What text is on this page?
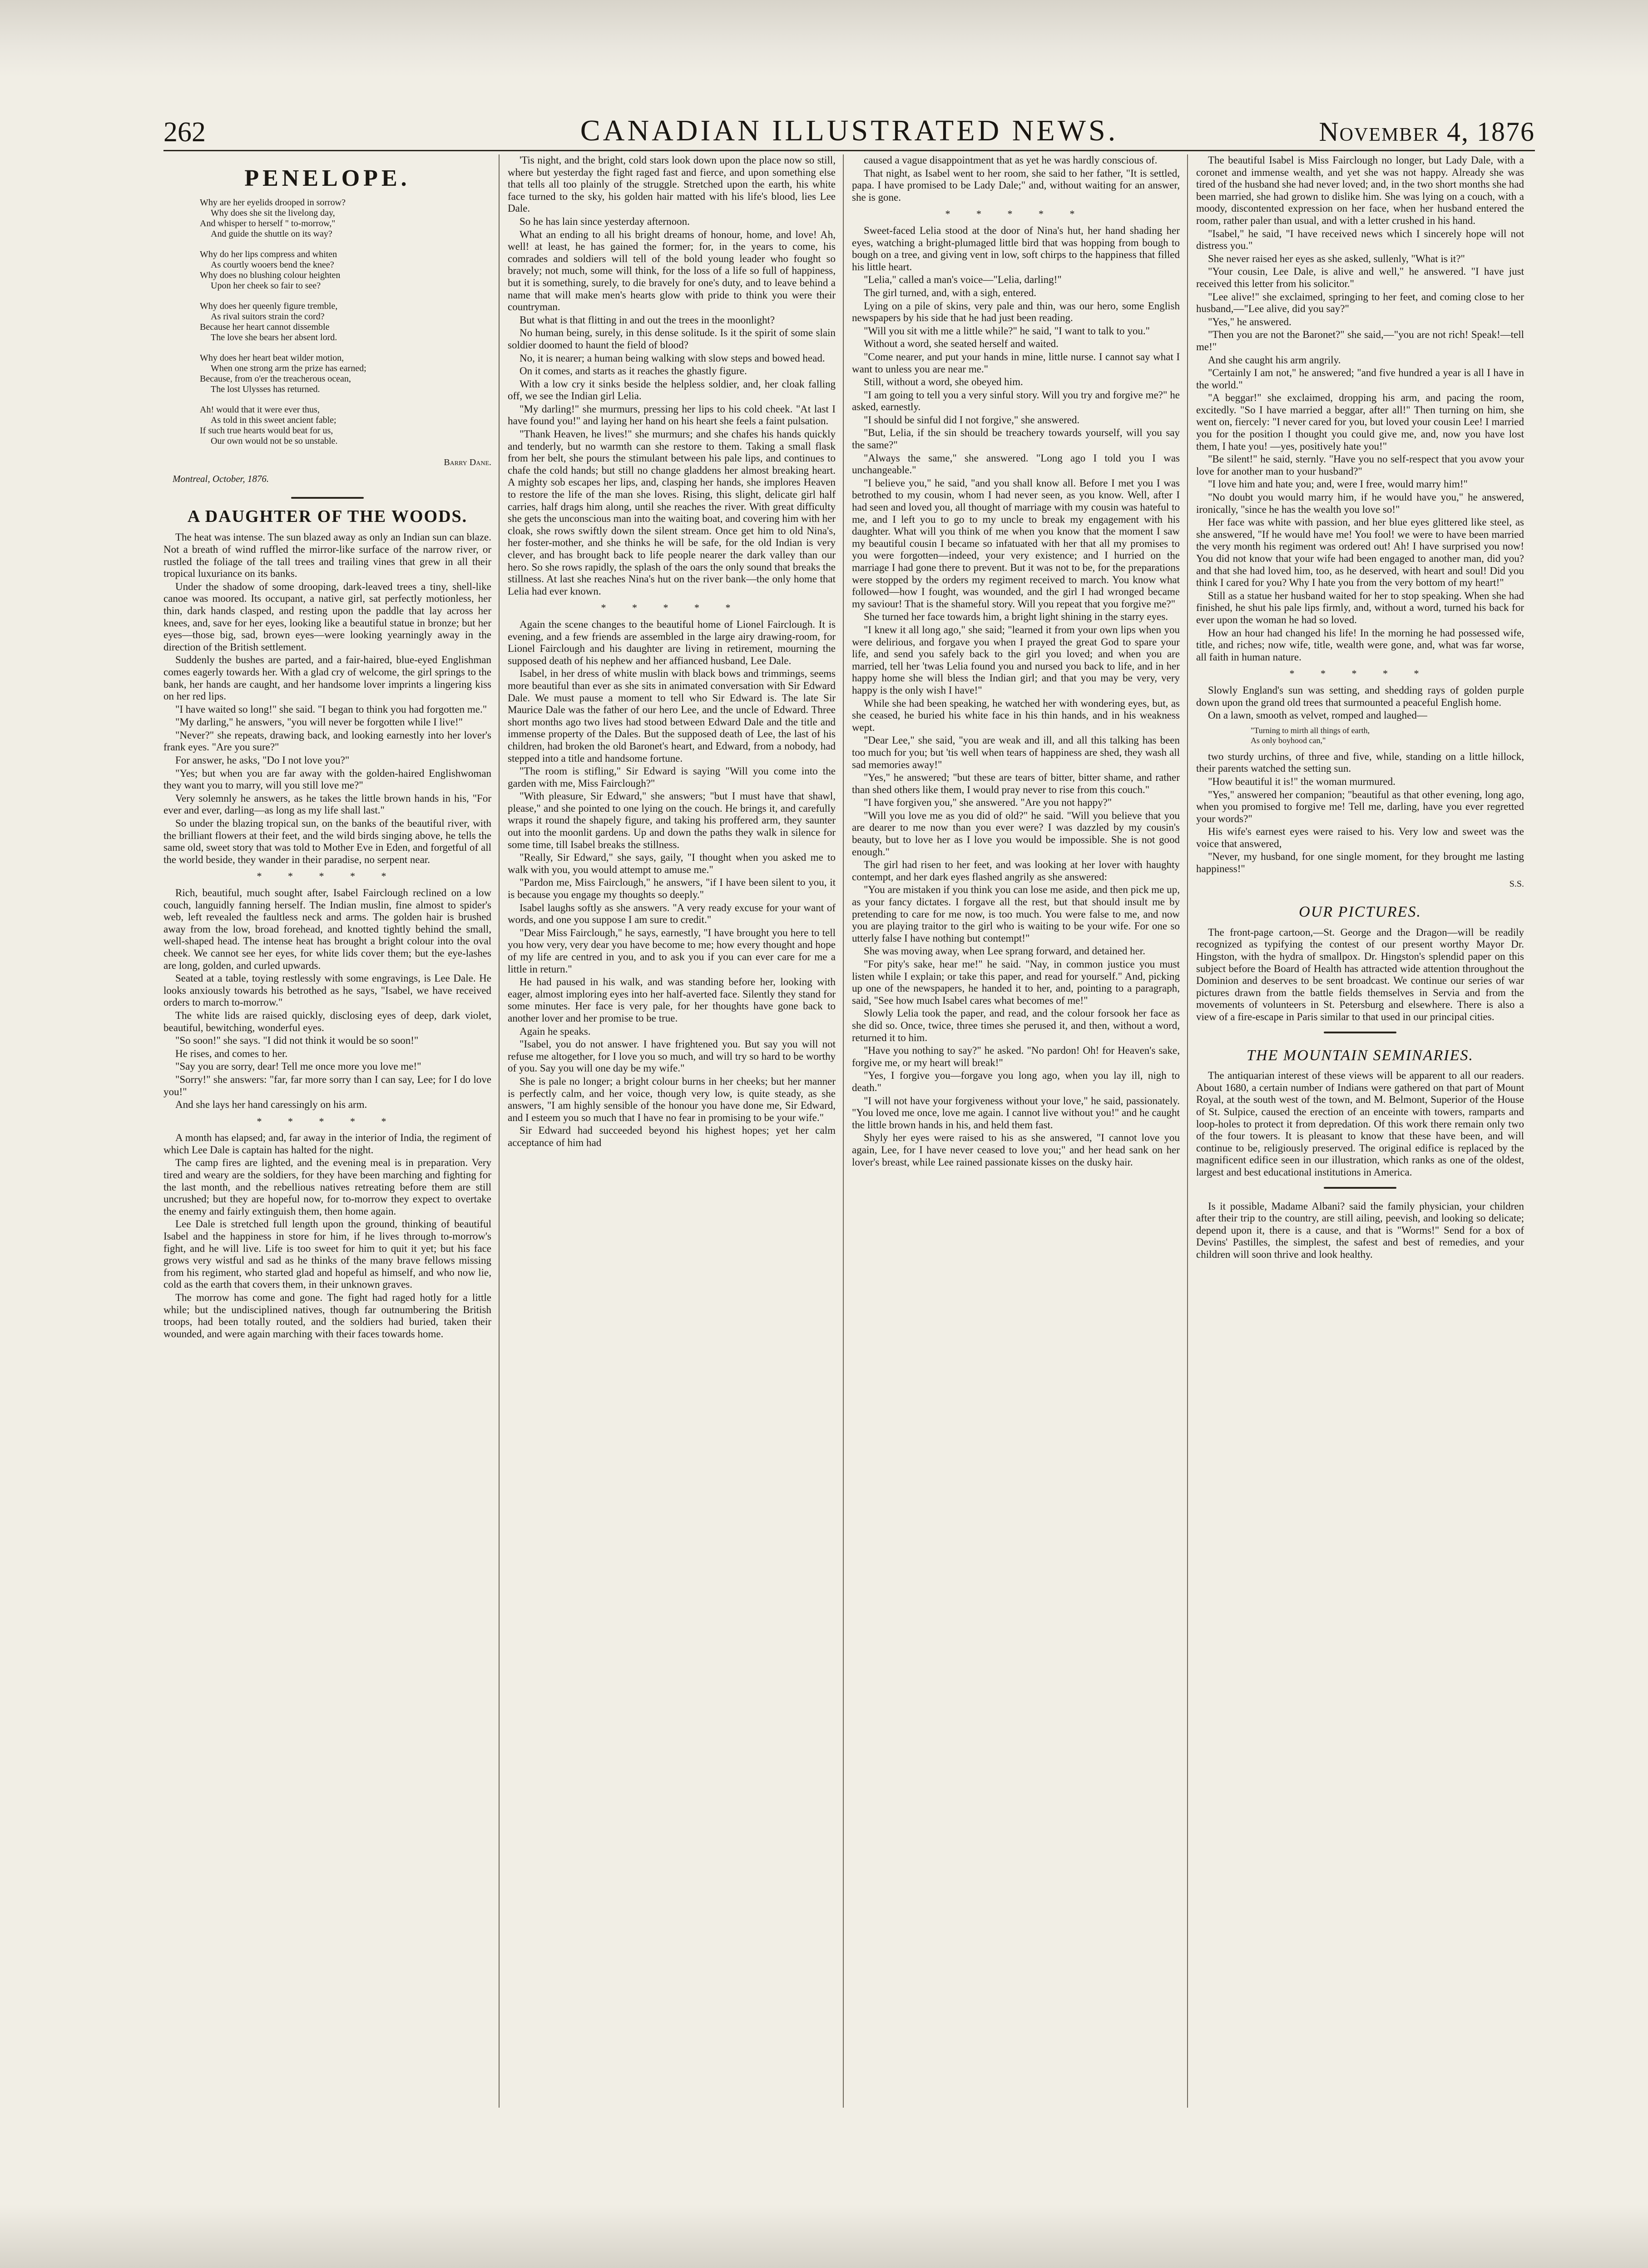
262	CANADIAN ILLUSTRATED NEWS.	November 4, 1876
PENELOPE.
Why are her eyelids drooped in sorrow?
Why does she sit the livelong day,
And whisper to herself " to-morrow,"
And guide the shuttle on its way?
Why do her lips compress and whiten
As courtly wooers bend the knee?
Why does no blushing colour heighten
Upon her cheek so fair to see?
Why does her queenly figure tremble,
As rival suitors strain the cord?
Because her heart cannot dissemble
The love she bears her absent lord.
Why does her heart beat wilder motion,
When one strong arm the prize has earned;
Because, from o'er the treacherous ocean,
The lost Ulysses has returned.
Ah! would that it were ever thus,
As told in this sweet ancient fable;
If such true hearts would beat for us,
Our own would not be so unstable.
Barry Dane.
Montreal, October, 1876.
A DAUGHTER OF THE WOODS.

The heat was intense. The sun blazed away as only an Indian sun can blaze. Not a breath of wind ruffled the mirror-like surface of the narrow river, or rustled the foliage of the tall trees and trailing vines that grew in all their tropical luxuriance on its banks.

Under the shadow of some drooping, dark-leaved trees a tiny, shell-like canoe was moored. Its occupant, a native girl, sat perfectly motionless, her thin, dark hands clasped, and resting upon the paddle that lay across her knees, and, save for her eyes, looking like a beautiful statue in bronze; but her eyes—those big, sad, brown eyes—were looking yearningly away in the direction of the British settlement.

Suddenly the bushes are parted, and a fair-haired, blue-eyed Englishman comes eagerly towards her. With a glad cry of welcome, the girl springs to the bank, her hands are caught, and her handsome lover imprints a lingering kiss on her red lips.

"I have waited so long!" she said. "I began to think you had forgotten me."

"My darling," he answers, "you will never be forgotten while I live!"

"Never?" she repeats, drawing back, and looking earnestly into her lover's frank eyes. "Are you sure?"

For answer, he asks, "Do I not love you?"

"Yes; but when you are far away with the golden-haired Englishwoman they want you to marry, will you still love me?"

Very solemnly he answers, as he takes the little brown hands in his, "For ever and ever, darling—as long as my life shall last."

So under the blazing tropical sun, on the banks of the beautiful river, with the brilliant flowers at their feet, and the wild birds singing above, he tells the same old, sweet story that was told to Mother Eve in Eden, and forgetful of all the world beside, they wander in their paradise, no serpent near.

* * * * *

Rich, beautiful, much sought after, Isabel Fairclough reclined on a low couch, languidly fanning herself. The Indian muslin, fine almost to spider's web, left revealed the faultless neck and arms. The golden hair is brushed away from the low, broad forehead, and knotted tightly behind the small, well-shaped head. The intense heat has brought a bright colour into the oval cheek. We cannot see her eyes, for white lids cover them; but the eye-lashes are long, golden, and curled upwards.

Seated at a table, toying restlessly with some engravings, is Lee Dale. He looks anxiously towards his betrothed as he says, "Isabel, we have received orders to march to-morrow."

The white lids are raised quickly, disclosing eyes of deep, dark violet, beautiful, bewitching, wonderful eyes.

"So soon!" she says. "I did not think it would be so soon!"

He rises, and comes to her.

"Say you are sorry, dear! Tell me once more you love me!"

"Sorry!" she answers: "far, far more sorry than I can say, Lee; for I do love you!"

And she lays her hand caressingly on his arm.

* * * * *

A month has elapsed; and, far away in the interior of India, the regiment of which Lee Dale is captain has halted for the night.

The camp fires are lighted, and the evening meal is in preparation. Very tired and weary are the soldiers, for they have been marching and fighting for the last month, and the rebellious natives retreating before them are still uncrushed; but they are hopeful now, for to-morrow they expect to overtake the enemy and fairly extinguish them, then home again.

Lee Dale is stretched full length upon the ground, thinking of beautiful Isabel and the happiness in store for him, if he lives through to-morrow's fight, and he will live. Life is too sweet for him to quit it yet; but his face grows very wistful and sad as he thinks of the many brave fellows missing from his regiment, who started glad and hopeful as himself, and who now lie, cold as the earth that covers them, in their unknown graves.

The morrow has come and gone. The fight had raged hotly for a little while; but the undisciplined natives, though far outnumbering the British troops, had been totally routed, and the soldiers had buried, taken their wounded, and were again marching with their faces towards home.

'Tis night, and the bright, cold stars look down upon the place now so still, where but yesterday the fight raged fast and fierce, and upon something else that tells all too plainly of the struggle. Stretched upon the earth, his white face turned to the sky, his golden hair matted with his life's blood, lies Lee Dale.

So he has lain since yesterday afternoon.

What an ending to all his bright dreams of honour, home, and love! Ah, well! at least, he has gained the former; for, in the years to come, his comrades and soldiers will tell of the bold young leader who fought so bravely; not much, some will think, for the loss of a life so full of happiness, but it is something, surely, to die bravely for one's duty, and to leave behind a name that will make men's hearts glow with pride to think you were their countryman.

But what is that flitting in and out the trees in the moonlight?

No human being, surely, in this dense solitude. Is it the spirit of some slain soldier doomed to haunt the field of blood?

No, it is nearer; a human being walking with slow steps and bowed head.

On it comes, and starts as it reaches the ghastly figure.

With a low cry it sinks beside the helpless soldier, and, her cloak falling off, we see the Indian girl Lelia.

"My darling!" she murmurs, pressing her lips to his cold cheek. "At last I have found you!" and laying her hand on his heart she feels a faint pulsation.

"Thank Heaven, he lives!" she murmurs; and she chafes his hands quickly and tenderly, but no warmth can she restore to them. Taking a small flask from her belt, she pours the stimulant between his pale lips, and continues to chafe the cold hands; but still no change gladdens her almost breaking heart. A mighty sob escapes her lips, and, clasping her hands, she implores Heaven to restore the life of the man she loves. Rising, this slight, delicate girl half carries, half drags him along, until she reaches the river. With great difficulty she gets the unconscious man into the waiting boat, and covering him with her cloak, she rows swiftly down the silent stream. Once get him to old Nina's, her foster-mother, and she thinks he will be safe, for the old Indian is very clever, and has brought back to life people nearer the dark valley than our hero. So she rows rapidly, the splash of the oars the only sound that breaks the stillness. At last she reaches Nina's hut on the river bank—the only home that Lelia had ever known.

* * * * *

Again the scene changes to the beautiful home of Lionel Fairclough. It is evening, and a few friends are assembled in the large airy drawing-room, for Lionel Fairclough and his daughter are living in retirement, mourning the supposed death of his nephew and her affianced husband, Lee Dale.

Isabel, in her dress of white muslin with black bows and trimmings, seems more beautiful than ever as she sits in animated conversation with Sir Edward Dale. We must pause a moment to tell who Sir Edward is. The late Sir Maurice Dale was the father of our hero Lee, and the uncle of Edward. Three short months ago two lives had stood between Edward Dale and the title and immense property of the Dales. But the supposed death of Lee, the last of his children, had broken the old Baronet's heart, and Edward, from a nobody, had stepped into a title and handsome fortune.

"The room is stifling," Sir Edward is saying "Will you come into the garden with me, Miss Fairclough?"

"With pleasure, Sir Edward," she answers; "but I must have that shawl, please," and she pointed to one lying on the couch. He brings it, and carefully wraps it round the shapely figure, and taking his proffered arm, they saunter out into the moonlit gardens. Up and down the paths they walk in silence for some time, till Isabel breaks the stillness.

"Really, Sir Edward," she says, gaily, "I thought when you asked me to walk with you, you would attempt to amuse me."

"Pardon me, Miss Fairclough," he answers, "if I have been silent to you, it is because you engage my thoughts so deeply."

Isabel laughs softly as she answers. "A very ready excuse for your want of words, and one you suppose I am sure to credit."

"Dear Miss Fairclough," he says, earnestly, "I have brought you here to tell you how very, very dear you have become to me; how every thought and hope of my life are centred in you, and to ask you if you can ever care for me a little in return."

He had paused in his walk, and was standing before her, looking with eager, almost imploring eyes into her half-averted face. Silently they stand for some minutes. Her face is very pale, for her thoughts have gone back to another lover and her promise to be true.

Again he speaks.

"Isabel, you do not answer. I have frightened you. But say you will not refuse me altogether, for I love you so much, and will try so hard to be worthy of you. Say you will one day be my wife."

She is pale no longer; a bright colour burns in her cheeks; but her manner is perfectly calm, and her voice, though very low, is quite steady, as she answers, "I am highly sensible of the honour you have done me, Sir Edward, and I esteem you so much that I have no fear in promising to be your wife."

Sir Edward had succeeded beyond his highest hopes; yet her calm acceptance of him had

caused a vague disappointment that as yet he was hardly conscious of.

That night, as Isabel went to her room, she said to her father, "It is settled, papa. I have promised to be Lady Dale;" and, without waiting for an answer, she is gone.

* * * * *

Sweet-faced Lelia stood at the door of Nina's hut, her hand shading her eyes, watching a bright-plumaged little bird that was hopping from bough to bough on a tree, and giving vent in low, soft chirps to the happiness that filled his little heart.

"Lelia," called a man's voice—"Lelia, darling!"

The girl turned, and, with a sigh, entered.

Lying on a pile of skins, very pale and thin, was our hero, some English newspapers by his side that he had just been reading.

"Will you sit with me a little while?" he said, "I want to talk to you."

Without a word, she seated herself and waited.

"Come nearer, and put your hands in mine, little nurse. I cannot say what I want to unless you are near me."

Still, without a word, she obeyed him.

"I am going to tell you a very sinful story. Will you try and forgive me?" he asked, earnestly.

"I should be sinful did I not forgive," she answered.

"But, Lelia, if the sin should be treachery towards yourself, will you say the same?"

"Always the same," she answered. "Long ago I told you I was unchangeable."

"I believe you," he said, "and you shall know all. Before I met you I was betrothed to my cousin, whom I had never seen, as you know. Well, after I had seen and loved you, all thought of marriage with my cousin was hateful to me, and I left you to go to my uncle to break my engagement with his daughter. What will you think of me when you know that the moment I saw my beautiful cousin I became so infatuated with her that all my promises to you were forgotten—indeed, your very existence; and I hurried on the marriage I had gone there to prevent. But it was not to be, for the preparations were stopped by the orders my regiment received to march. You know what followed—how I fought, was wounded, and the girl I had wronged became my saviour! That is the shameful story. Will you repeat that you forgive me?"

She turned her face towards him, a bright light shining in the starry eyes.

"I knew it all long ago," she said; "learned it from your own lips when you were delirious, and forgave you when I prayed the great God to spare your life, and send you safely back to the girl you loved; and when you are married, tell her 'twas Lelia found you and nursed you back to life, and in her happy home she will bless the Indian girl; and that you may be very, very happy is the only wish I have!"

While she had been speaking, he watched her with wondering eyes, but, as she ceased, he buried his white face in his thin hands, and in his weakness wept.

"Dear Lee," she said, "you are weak and ill, and all this talking has been too much for you; but 'tis well when tears of happiness are shed, they wash all sad memories away!"

"Yes," he answered; "but these are tears of bitter, bitter shame, and rather than shed others like them, I would pray never to rise from this couch."

"I have forgiven you," she answered. "Are you not happy?"

"Will you love me as you did of old?" he said. "Will you believe that you are dearer to me now than you ever were? I was dazzled by my cousin's beauty, but to love her as I love you would be impossible. She is not good enough."

The girl had risen to her feet, and was looking at her lover with haughty contempt, and her dark eyes flashed angrily as she answered:

"You are mistaken if you think you can lose me aside, and then pick me up, as your fancy dictates. I forgave all the rest, but that should insult me by pretending to care for me now, is too much. You were false to me, and now you are playing traitor to the girl who is waiting to be your wife. For one so utterly false I have nothing but contempt!"

She was moving away, when Lee sprang forward, and detained her.

"For pity's sake, hear me!" he said. "Nay, in common justice you must listen while I explain; or take this paper, and read for yourself." And, picking up one of the newspapers, he handed it to her, and, pointing to a paragraph, said, "See how much Isabel cares what becomes of me!"

Slowly Lelia took the paper, and read, and the colour forsook her face as she did so. Once, twice, three times she perused it, and then, without a word, returned it to him.

"Have you nothing to say?" he asked. "No pardon! Oh! for Heaven's sake, forgive me, or my heart will break!"

"Yes, I forgive you—forgave you long ago, when you lay ill, nigh to death."

"I will not have your forgiveness without your love," he said, passionately. "You loved me once, love me again. I cannot live without you!" and he caught the little brown hands in his, and held them fast.

Shyly her eyes were raised to his as she answered, "I cannot love you again, Lee, for I have never ceased to love you;" and her head sank on her lover's breast, while Lee rained passionate kisses on the dusky hair.

The beautiful Isabel is Miss Fairclough no longer, but Lady Dale, with a coronet and immense wealth, and yet she was not happy. Already she was tired of the husband she had never loved; and, in the two short months she had been married, she had grown to dislike him. She was lying on a couch, with a moody, discontented expression on her face, when her husband entered the room, rather paler than usual, and with a letter crushed in his hand.

"Isabel," he said, "I have received news which I sincerely hope will not distress you."

She never raised her eyes as she asked, sullenly, "What is it?"

"Your cousin, Lee Dale, is alive and well," he answered. "I have just received this letter from his solicitor."

"Lee alive!" she exclaimed, springing to her feet, and coming close to her husband,—"Lee alive, did you say?"

"Yes," he answered.

"Then you are not the Baronet?" she said,—"you are not rich! Speak!—tell me!"

And she caught his arm angrily.

"Certainly I am not," he answered; "and five hundred a year is all I have in the world."

"A beggar!" she exclaimed, dropping his arm, and pacing the room, excitedly. "So I have married a beggar, after all!" Then turning on him, she went on, fiercely: "I never cared for you, but loved your cousin Lee! I married you for the position I thought you could give me, and, now you have lost them, I hate you! —yes, positively hate you!"

"Be silent!" he said, sternly. "Have you no self-respect that you avow your love for another man to your husband?"

"I love him and hate you; and, were I free, would marry him!"

"No doubt you would marry him, if he would have you," he answered, ironically, "since he has the wealth you love so!"

Her face was white with passion, and her blue eyes glittered like steel, as she answered, "If he would have me! You fool! we were to have been married the very month his regiment was ordered out! Ah! I have surprised you now! You did not know that your wife had been engaged to another man, did you? and that she had loved him, too, as he deserved, with heart and soul! Did you think I cared for you? Why I hate you from the very bottom of my heart!"

Still as a statue her husband waited for her to stop speaking. When she had finished, he shut his pale lips firmly, and, without a word, turned his back for ever upon the woman he had so loved.

How an hour had changed his life! In the morning he had possessed wife, title, and riches; now wife, title, wealth were gone, and, what was far worse, all faith in human nature.

* * * * *

Slowly England's sun was setting, and shedding rays of golden purple down upon the grand old trees that surmounted a peaceful English home.

On a lawn, smooth as velvet, romped and laughed—

"Turning to mirth all things of earth,
As only boyhood can,"

two sturdy urchins, of three and five, while, standing on a little hillock, their parents watched the setting sun.

"How beautiful it is!" the woman murmured.

"Yes," answered her companion; "beautiful as that other evening, long ago, when you promised to forgive me! Tell me, darling, have you ever regretted your words?"

His wife's earnest eyes were raised to his. Very low and sweet was the voice that answered,

"Never, my husband, for one single moment, for they brought me lasting happiness!"

S.S.
OUR PICTURES.

The front-page cartoon,—St. George and the Dragon—will be readily recognized as typifying the contest of our present worthy Mayor Dr. Hingston, with the hydra of smallpox. Dr. Hingston's splendid paper on this subject before the Board of Health has attracted wide attention throughout the Dominion and deserves to be sent broadcast. We continue our series of war pictures drawn from the battle fields themselves in Servia and from the movements of volunteers in St. Petersburg and elsewhere. There is also a view of a fire-escape in Paris similar to that used in our principal cities.

THE MOUNTAIN SEMINARIES.

The antiquarian interest of these views will be apparent to all our readers. About 1680, a certain number of Indians were gathered on that part of Mount Royal, at the south west of the town, and M. Belmont, Superior of the House of St. Sulpice, caused the erection of an enceinte with towers, ramparts and loop-holes to protect it from depredation. Of this work there remain only two of the four towers. It is pleasant to know that these have been, and will continue to be, religiously preserved. The original edifice is replaced by the magnificent edifice seen in our illustration, which ranks as one of the oldest, largest and best educational institutions in America.

Is it possible, Madame Albani? said the family physician, your children after their trip to the country, are still ailing, peevish, and looking so delicate; depend upon it, there is a cause, and that is "Worms!" Send for a box of Devins' Pastilles, the simplest, the safest and best of remedies, and your children will soon thrive and look healthy.
